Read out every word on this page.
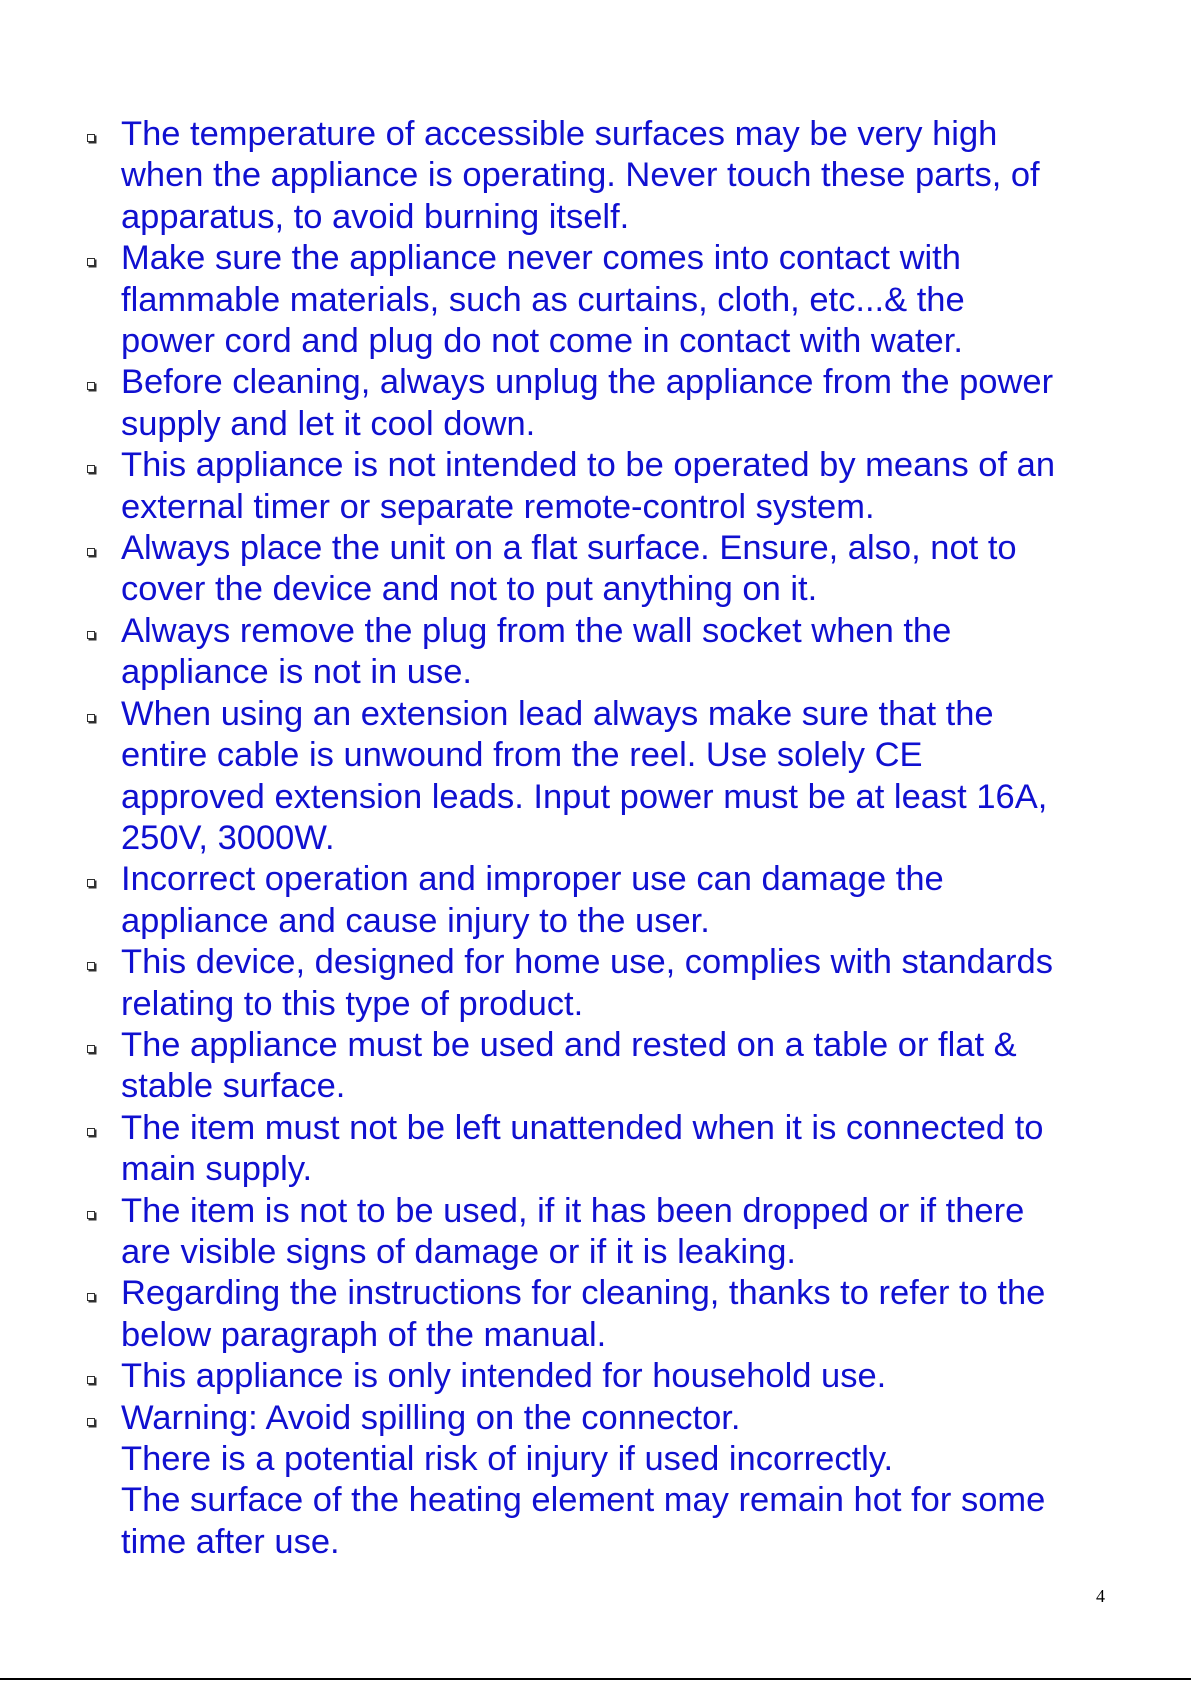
The temperature of accessible surfaces may be very high
when the appliance is operating. Never touch these parts, of
apparatus, to avoid burning itself.
Make sure the appliance never comes into contact with
flammable materials, such as curtains, cloth, etc...& the
power cord and plug do not come in contact with water.
Before cleaning, always unplug the appliance from the power
supply and let it cool down.
This appliance is not intended to be operated by means of an
external timer or separate remote-control system.
Always place the unit on a flat surface. Ensure, also, not to
cover the device and not to put anything on it.
Always remove the plug from the wall socket when the
appliance is not in use.
When using an extension lead always make sure that the
entire cable is unwound from the reel. Use solely CE
approved extension leads. Input power must be at least 16A,
250V, 3000W.
Incorrect operation and improper use can damage the
appliance and cause injury to the user.
This device, designed for home use, complies with standards
relating to this type of product.
The appliance must be used and rested on a table or flat &
stable surface.
The item must not be left unattended when it is connected to
main supply.
The item is not to be used, if it has been dropped or if there
are visible signs of damage or if it is leaking.
Regarding the instructions for cleaning, thanks to refer to the
below paragraph of the manual.
This appliance is only intended for household use.
Warning: Avoid spilling on the connector.
There is a potential risk of injury if used incorrectly.
The surface of the heating element may remain hot for some
time after use.
4
